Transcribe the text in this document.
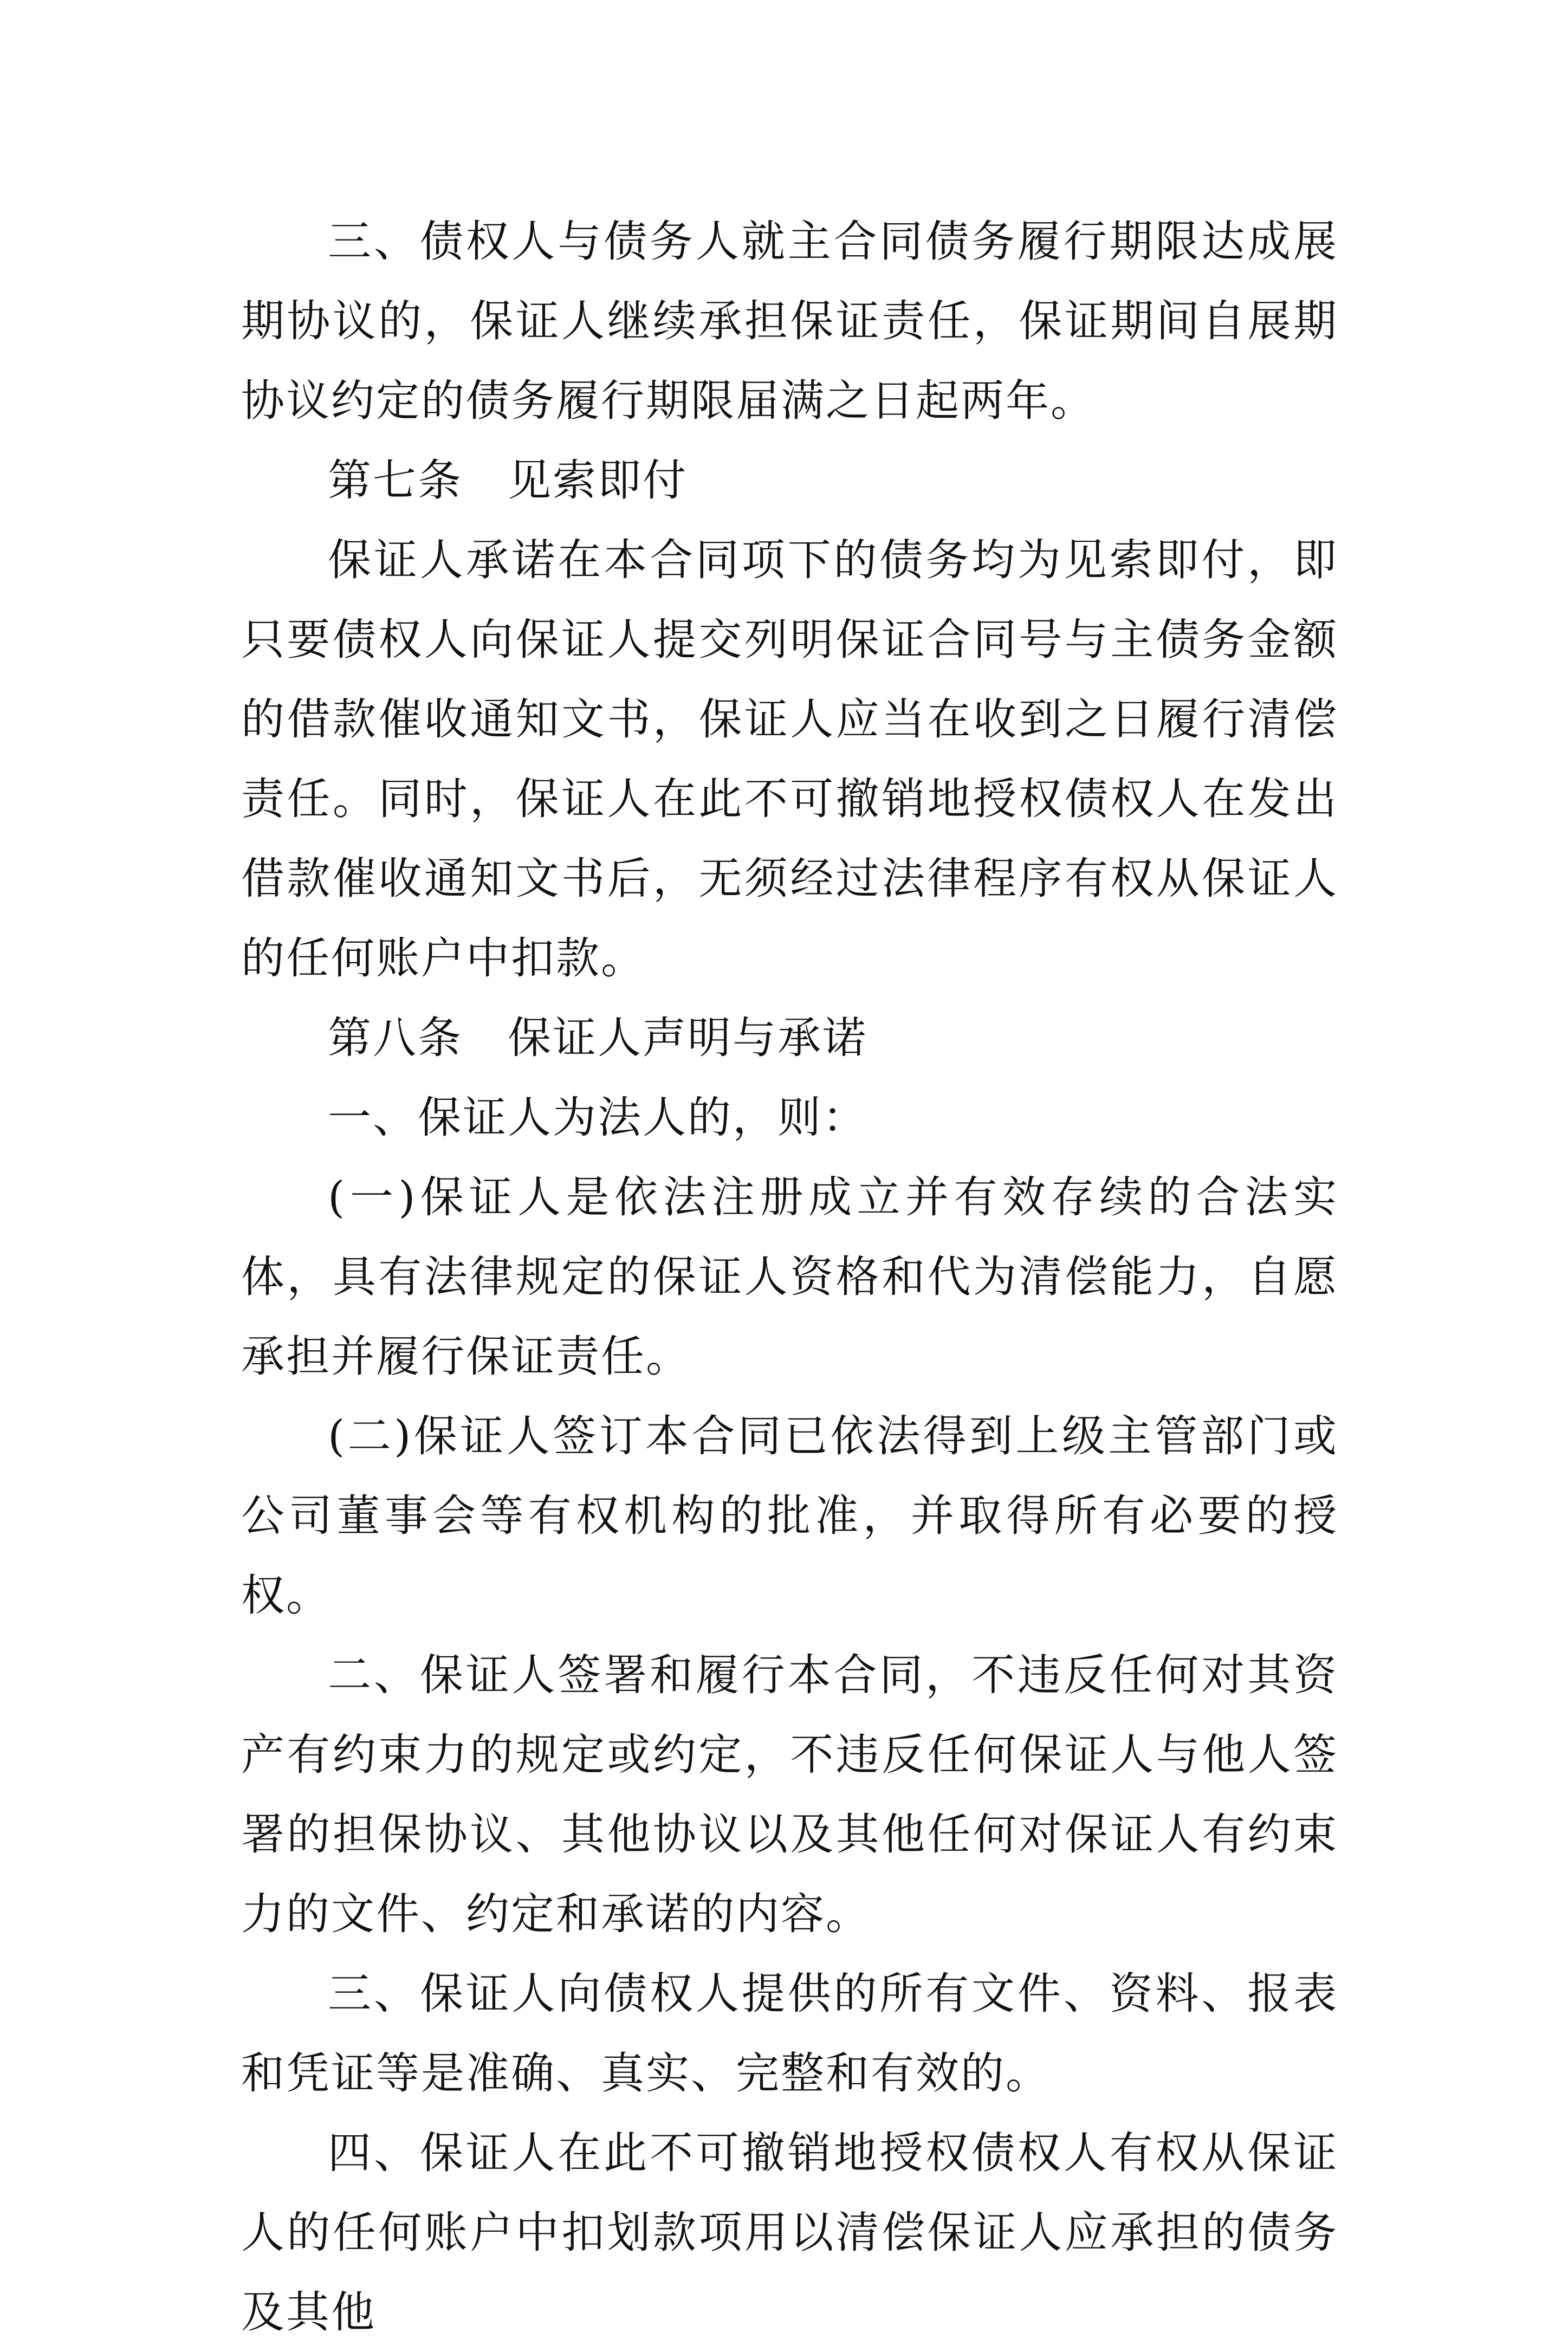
三、债权人与债务人就主合同债务履行期限达成展期协议的，保证人继续承担保证责任，保证期间自展期协议约定的债务履行期限届满之日起两年。

第七条　见索即付

保证人承诺在本合同项下的债务均为见索即付，即只要债权人向保证人提交列明保证合同号与主债务金额的借款催收通知文书，保证人应当在收到之日履行清偿责任。同时，保证人在此不可撤销地授权债权人在发出借款催收通知文书后，无须经过法律程序有权从保证人的任何账户中扣款。

第八条　保证人声明与承诺

一、保证人为法人的，则：

(一)保证人是依法注册成立并有效存续的合法实体，具有法律规定的保证人资格和代为清偿能力，自愿承担并履行保证责任。

(二)保证人签订本合同已依法得到上级主管部门或公司董事会等有权机构的批准，并取得所有必要的授权。

二、保证人签署和履行本合同，不违反任何对其资产有约束力的规定或约定，不违反任何保证人与他人签署的担保协议、其他协议以及其他任何对保证人有约束力的文件、约定和承诺的内容。

三、保证人向债权人提供的所有文件、资料、报表和凭证等是准确、真实、完整和有效的。

四、保证人在此不可撤销地授权债权人有权从保证人的任何账户中扣划款项用以清偿保证人应承担的债务及其他
